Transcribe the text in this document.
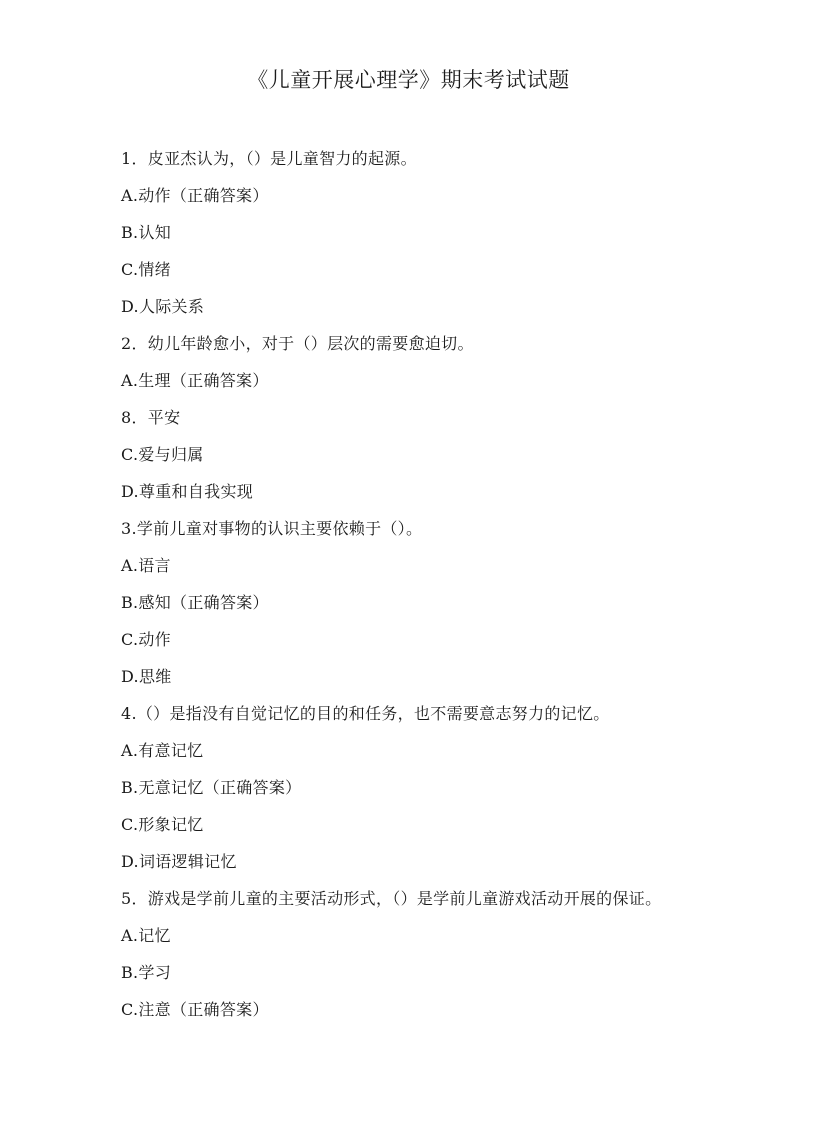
《儿童开展心理学》期末考试试题
1．皮亚杰认为，（）是儿童智力的起源。
A.动作（正确答案）
B.认知
C.情绪
D.人际关系
2．幼儿年龄愈小，对于（）层次的需要愈迫切。
A.生理（正确答案）
8．平安
C.爱与归属
D.尊重和自我实现
3.学前儿童对事物的认识主要依赖于（）。
A.语言
B.感知（正确答案）
C.动作
D.思维
4.（）是指没有自觉记忆的目的和任务，也不需要意志努力的记忆。
A.有意记忆
B.无意记忆（正确答案）
C.形象记忆
D.词语逻辑记忆
5．游戏是学前儿童的主要活动形式，（）是学前儿童游戏活动开展的保证。
A.记忆
B.学习
C.注意（正确答案）
